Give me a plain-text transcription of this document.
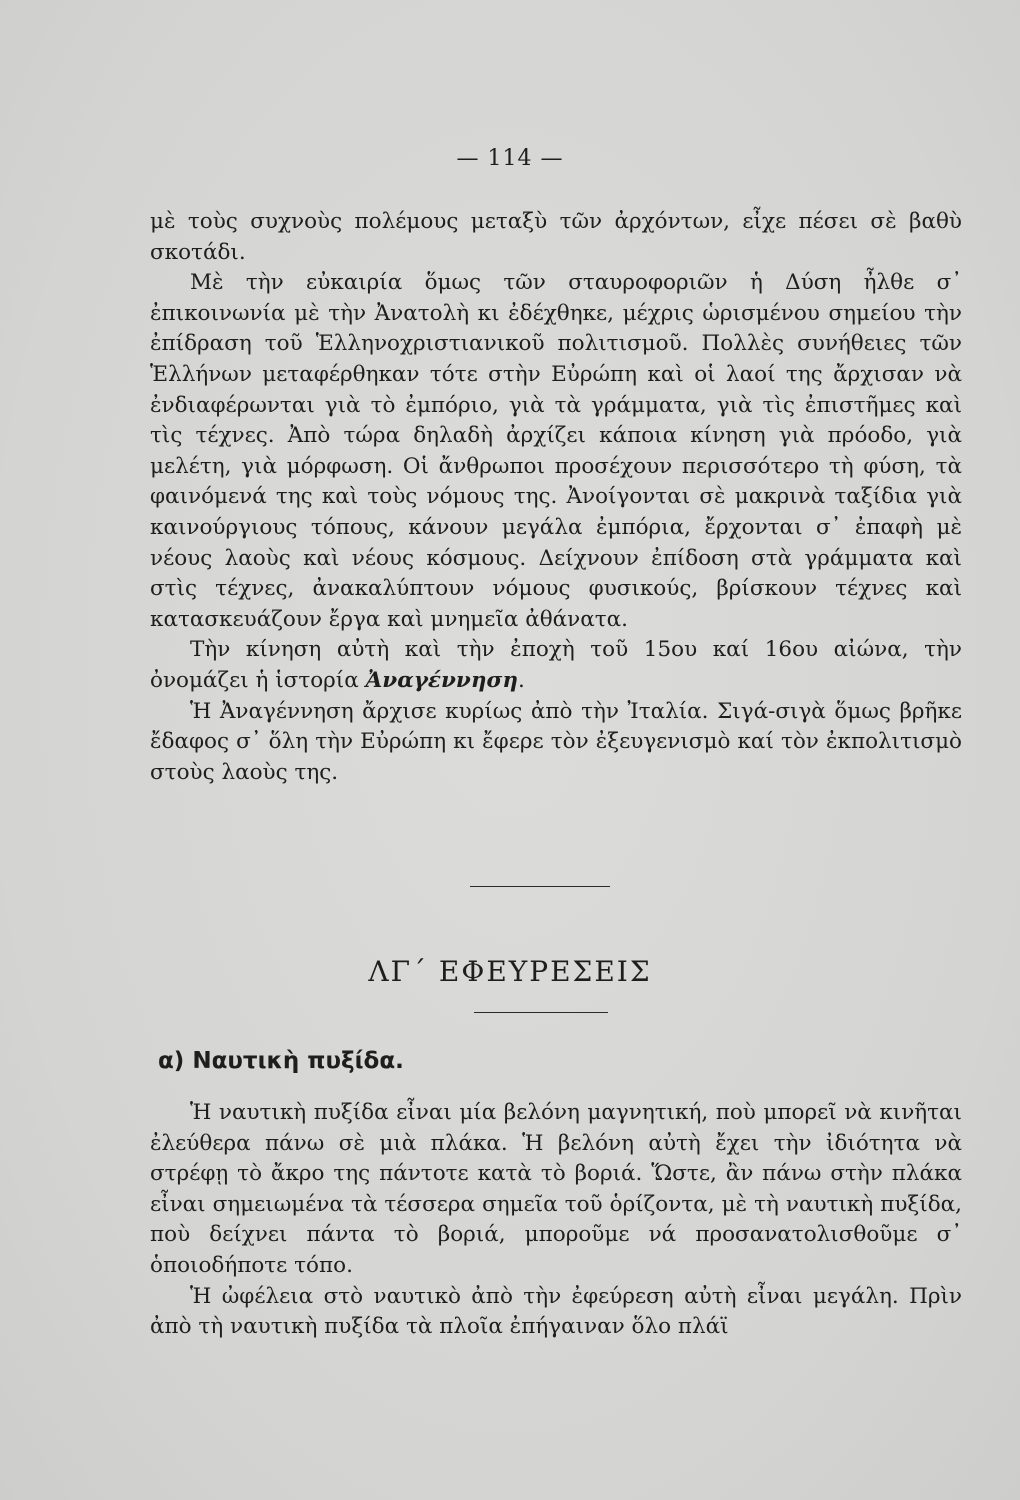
— 114 —

μὲ τοὺς συχνοὺς πολέμους μεταξὺ τῶν ἀρχόντων, εἶχε πέσει σὲ βαθὺ σκοτάδι.

Μὲ τὴν εὐκαιρία ὅμως τῶν σταυροφοριῶν ἡ Δύση ἦλθε σ᾽ ἐπικοινωνία μὲ τὴν Ἀνατολὴ κι ἐδέχθηκε, μέχρις ὡρισμένου σημείου τὴν ἐπίδραση τοῦ Ἑλληνοχριστιανικοῦ πολιτισμοῦ. Πολλὲς συνήθειες τῶν Ἑλλήνων μεταφέρθηκαν τότε στὴν Εὐρώπη καὶ οἱ λαοί της ἄρχισαν νὰ ἐνδιαφέρωνται γιὰ τὸ ἐμπόριο, γιὰ τὰ γράμματα, γιὰ τὶς ἐπιστῆμες καὶ τὶς τέχνες. Ἀπὸ τώρα δηλαδὴ ἀρχίζει κάποια κίνηση γιὰ πρόοδο, γιὰ μελέτη, γιὰ μόρφωση. Οἱ ἄνθρωποι προσέχουν περισσότερο τὴ φύση, τὰ φαινόμενά της καὶ τοὺς νόμους της. Ἀνοίγονται σὲ μακρινὰ ταξίδια γιὰ καινούργιους τόπους, κάνουν μεγάλα ἐμπόρια, ἔρχονται σ᾽ ἐπαφὴ μὲ νέους λαοὺς καὶ νέους κόσμους. Δείχνουν ἐπίδοση στὰ γράμματα καὶ στὶς τέχνες, ἀνακαλύπτουν νόμους φυσικούς, βρίσκουν τέχνες καὶ κατασκευάζουν ἔργα καὶ μνημεῖα ἀθάνατα.

Τὴν κίνηση αὐτὴ καὶ τὴν ἐποχὴ τοῦ 15ου καί 16ου αἰώνα, τὴν ὀνομάζει ἡ ἱστορία Ἀναγέννηση.

Ἡ Ἀναγέννηση ἄρχισε κυρίως ἀπὸ τὴν Ἰταλία. Σιγά-σιγὰ ὅμως βρῆκε ἔδαφος σ᾽ ὅλη τὴν Εὐρώπη κι ἔφερε τὸν ἐξευγενισμὸ καί τὸν ἐκπολιτισμὸ στοὺς λαοὺς της.

ΛΓ΄ ΕΦΕΥΡΕΣΕΙΣ
α) Ναυτικὴ πυξίδα.

Ἡ ναυτικὴ πυξίδα εἶναι μία βελόνη μαγνητική, ποὺ μπορεῖ νὰ κινῆται ἐλεύθερα πάνω σὲ μιὰ πλάκα. Ἡ βελόνη αὐτὴ ἔχει τὴν ἰδιότητα νὰ στρέφῃ τὸ ἄκρο της πάντοτε κατὰ τὸ βοριά. Ὥστε, ἂν πάνω στὴν πλάκα εἶναι σημειωμένα τὰ τέσσερα σημεῖα τοῦ ὁρίζοντα, μὲ τὴ ναυτικὴ πυξίδα, ποὺ δείχνει πάντα τὸ βοριά, μποροῦμε νά προσανατολισθοῦμε σ᾽ ὁποιοδήποτε τόπο.

Ἡ ὠφέλεια στὸ ναυτικὸ ἀπὸ τὴν ἐφεύρεση αὐτὴ εἶναι μεγάλη. Πρὶν ἀπὸ τὴ ναυτικὴ πυξίδα τὰ πλοῖα ἐπήγαιναν ὅλο πλάϊ
